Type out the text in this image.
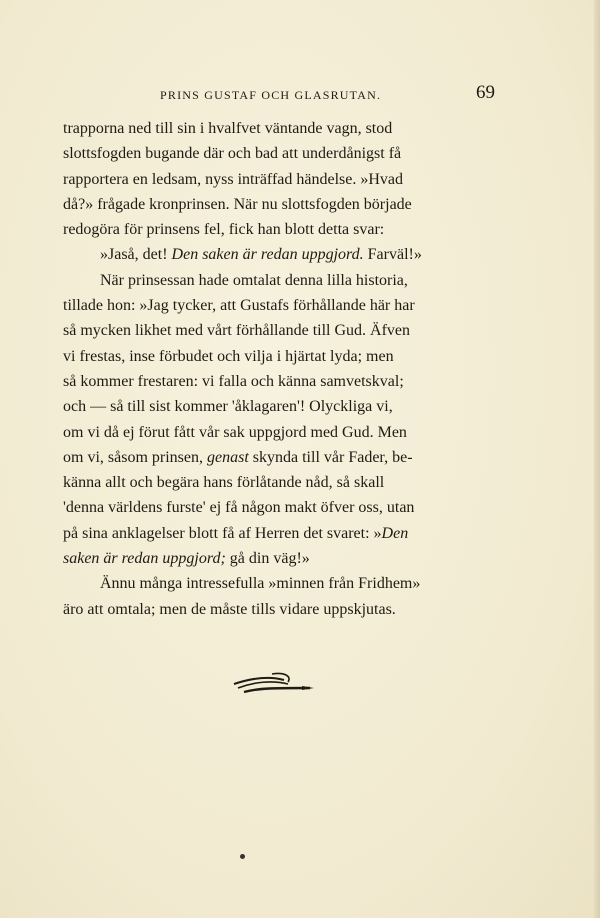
PRINS GUSTAF OCH GLASRUTAN.	69
trapporna ned till sin i hvalfvet väntande vagn, stod
slottsfogden bugande där och bad att underdånigst få
rapportera en ledsam, nyss inträffad händelse. »Hvad
då?» frågade kronprinsen. När nu slottsfogden började
redogöra för prinsens fel, fick han blott detta svar:
»Jaså, det! Den saken är redan uppgjord. Farväl!»
När prinsessan hade omtalat denna lilla historia,
tillade hon: »Jag tycker, att Gustafs förhållande här har
så mycken likhet med vårt förhållande till Gud. Äfven
vi frestas, inse förbudet och vilja i hjärtat lyda; men
så kommer frestaren: vi falla och känna samvetskval;
och — så till sist kommer 'åklagaren'! Olyckliga vi,
om vi då ej förut fått vår sak uppgjord med Gud. Men
om vi, såsom prinsen, genast skynda till vår Fader, be-
känna allt och begära hans förlåtande nåd, så skall
'denna världens furste' ej få någon makt öfver oss, utan
på sina anklagelser blott få af Herren det svaret: » Den
saken är redan uppgjord; gå din väg!»
Ännu många intressefulla »minnen från Fridhem»
äro att omtala; men de måste tills vidare uppskjutas.
